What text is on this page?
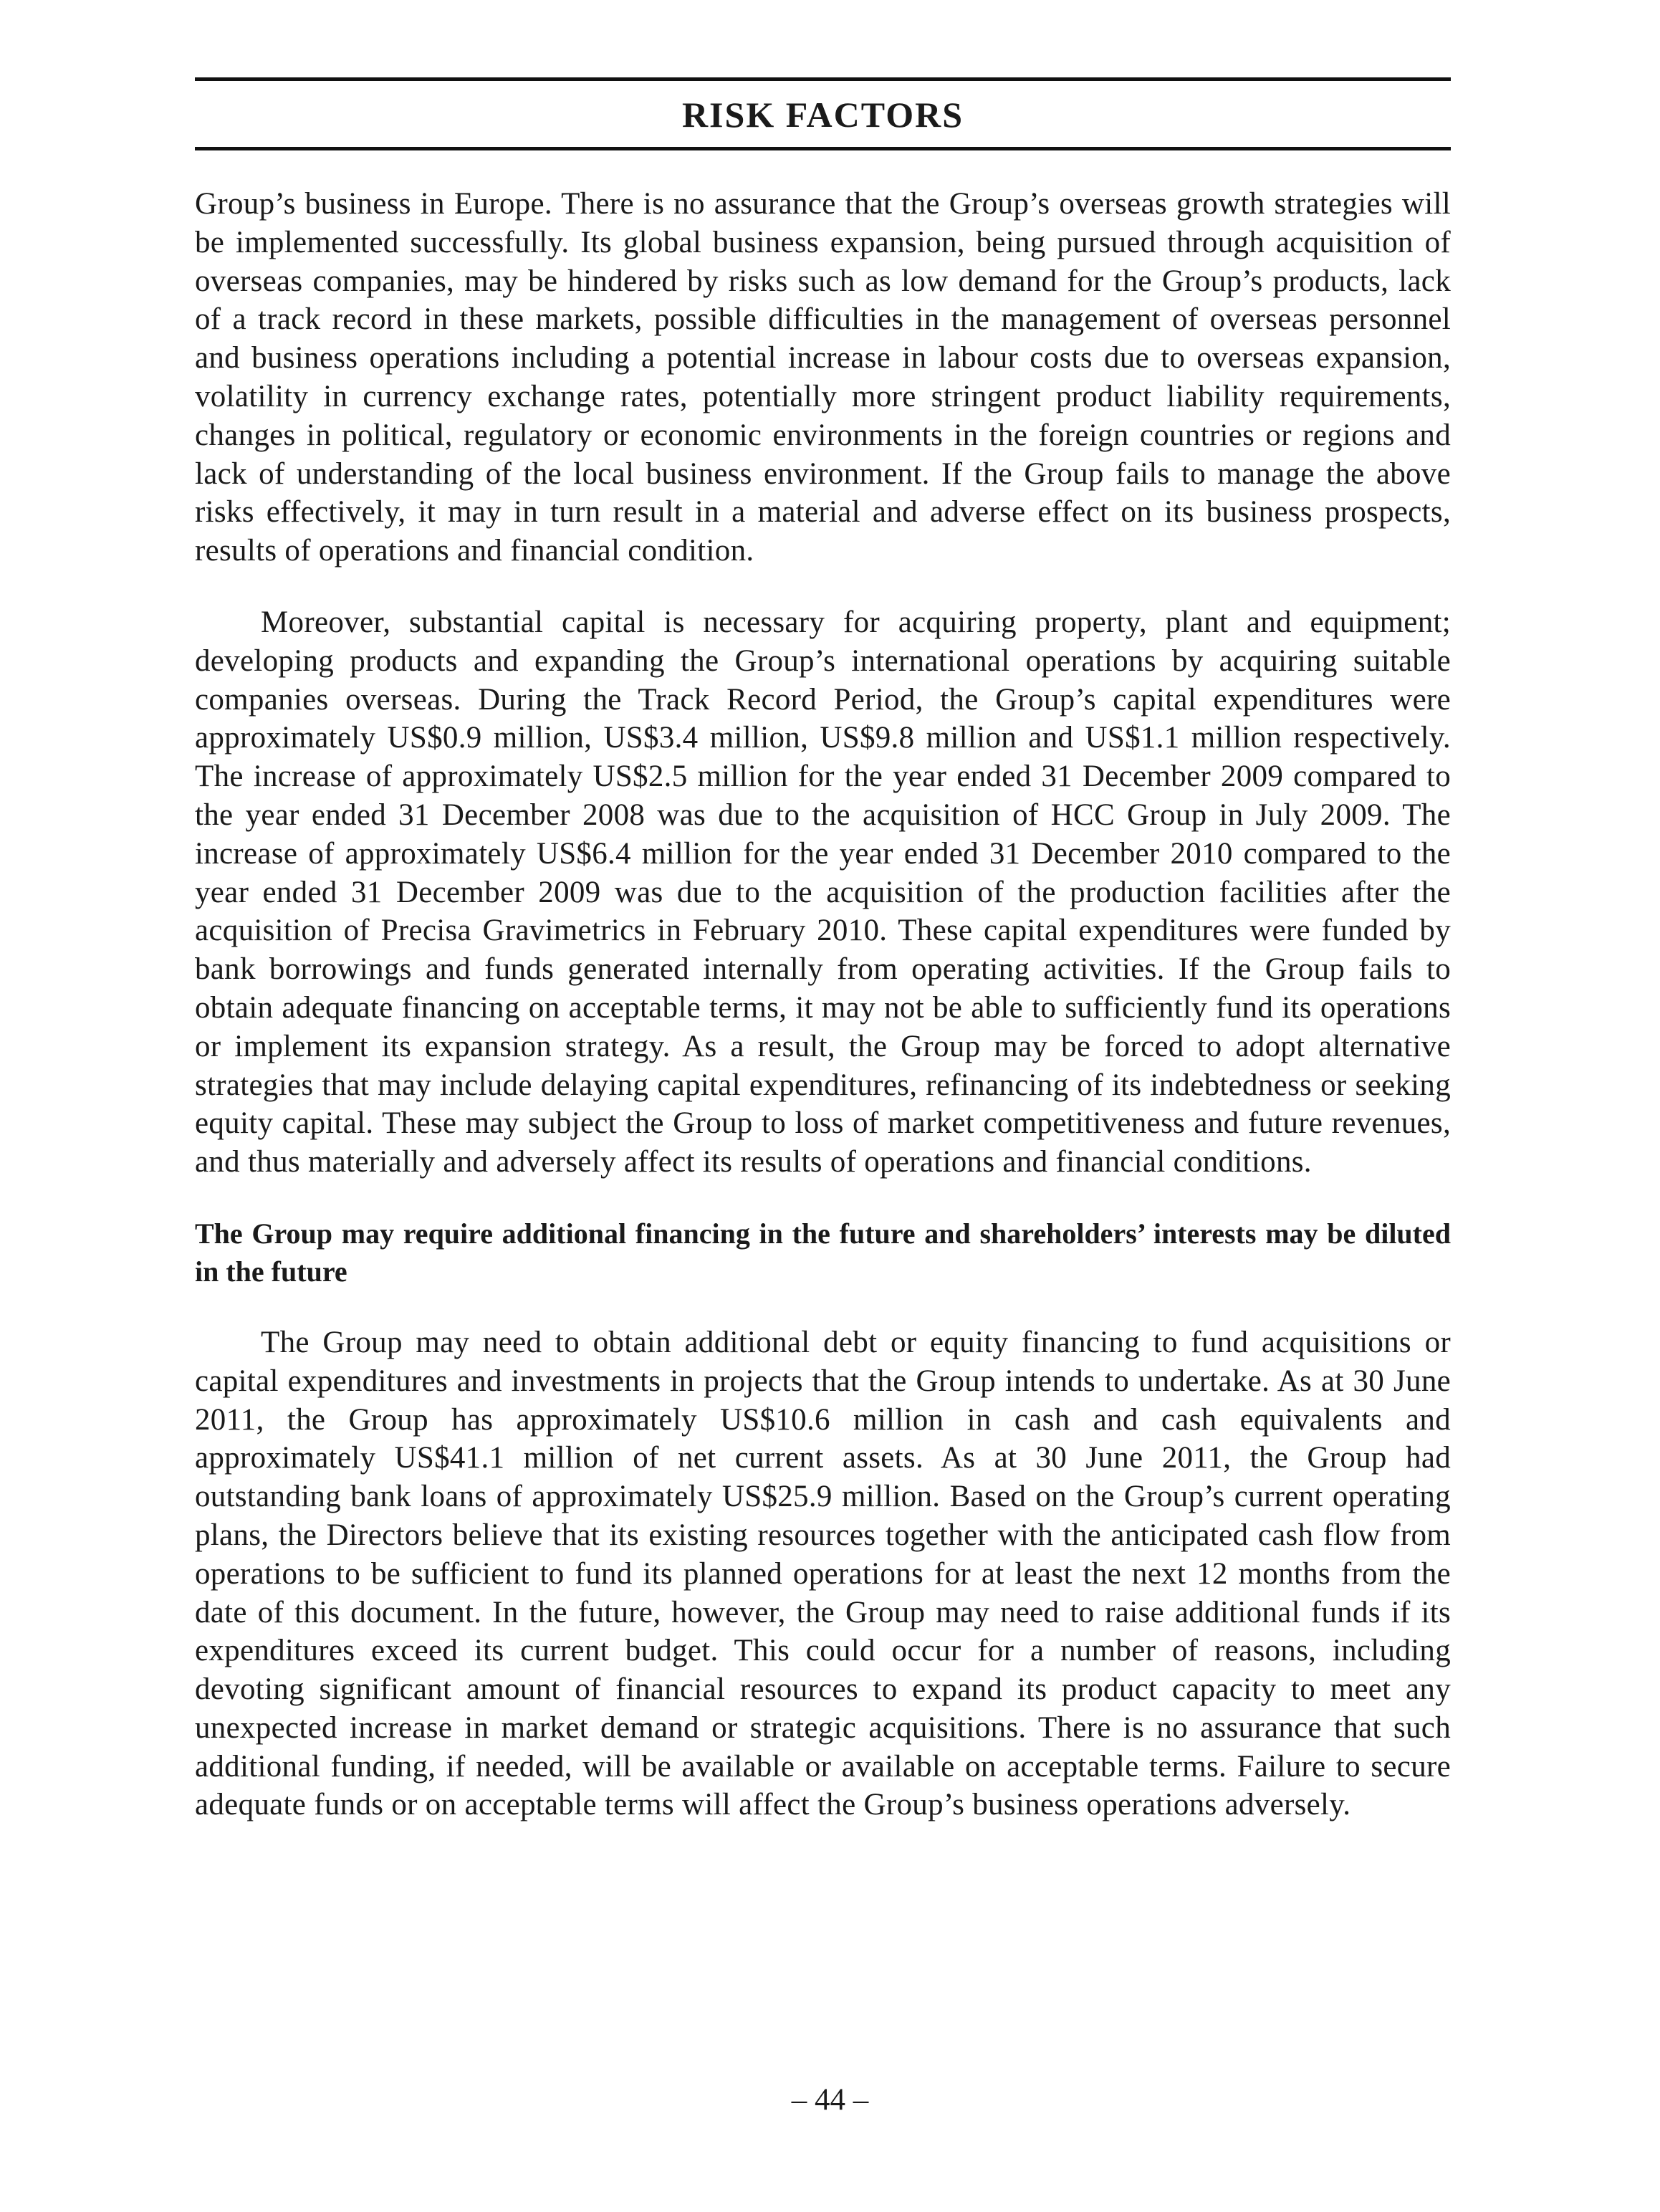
RISK FACTORS

Group’s business in Europe. There is no assurance that the Group’s overseas growth strategies will be implemented successfully. Its global business expansion, being pursued through acquisition of overseas companies, may be hindered by risks such as low demand for the Group’s products, lack of a track record in these markets, possible difficulties in the management of overseas personnel and business operations including a potential increase in labour costs due to overseas expansion, volatility in currency exchange rates, potentially more stringent product liability requirements, changes in political, regulatory or economic environments in the foreign countries or regions and lack of understanding of the local business environment. If the Group fails to manage the above risks effectively, it may in turn result in a material and adverse effect on its business prospects, results of operations and financial condition.

Moreover, substantial capital is necessary for acquiring property, plant and equipment; developing products and expanding the Group’s international operations by acquiring suitable companies overseas. During the Track Record Period, the Group’s capital expenditures were approximately US$0.9 million, US$3.4 million, US$9.8 million and US$1.1 million respectively. The increase of approximately US$2.5 million for the year ended 31 December 2009 compared to the year ended 31 December 2008 was due to the acquisition of HCC Group in July 2009. The increase of approximately US$6.4 million for the year ended 31 December 2010 compared to the year ended 31 December 2009 was due to the acquisition of the production facilities after the acquisition of Precisa Gravimetrics in February 2010. These capital expenditures were funded by bank borrowings and funds generated internally from operating activities. If the Group fails to obtain adequate financing on acceptable terms, it may not be able to sufficiently fund its operations or implement its expansion strategy. As a result, the Group may be forced to adopt alternative strategies that may include delaying capital expenditures, refinancing of its indebtedness or seeking equity capital. These may subject the Group to loss of market competitiveness and future revenues, and thus materially and adversely affect its results of operations and financial conditions.

The Group may require additional financing in the future and shareholders’ interests may be diluted in the future

The Group may need to obtain additional debt or equity financing to fund acquisitions or capital expenditures and investments in projects that the Group intends to undertake. As at 30 June 2011, the Group has approximately US$10.6 million in cash and cash equivalents and approximately US$41.1 million of net current assets. As at 30 June 2011, the Group had outstanding bank loans of approximately US$25.9 million. Based on the Group’s current operating plans, the Directors believe that its existing resources together with the anticipated cash flow from operations to be sufficient to fund its planned operations for at least the next 12 months from the date of this document. In the future, however, the Group may need to raise additional funds if its expenditures exceed its current budget. This could occur for a number of reasons, including devoting significant amount of financial resources to expand its product capacity to meet any unexpected increase in market demand or strategic acquisitions. There is no assurance that such additional funding, if needed, will be available or available on acceptable terms. Failure to secure adequate funds or on acceptable terms will affect the Group’s business operations adversely.

– 44 –
